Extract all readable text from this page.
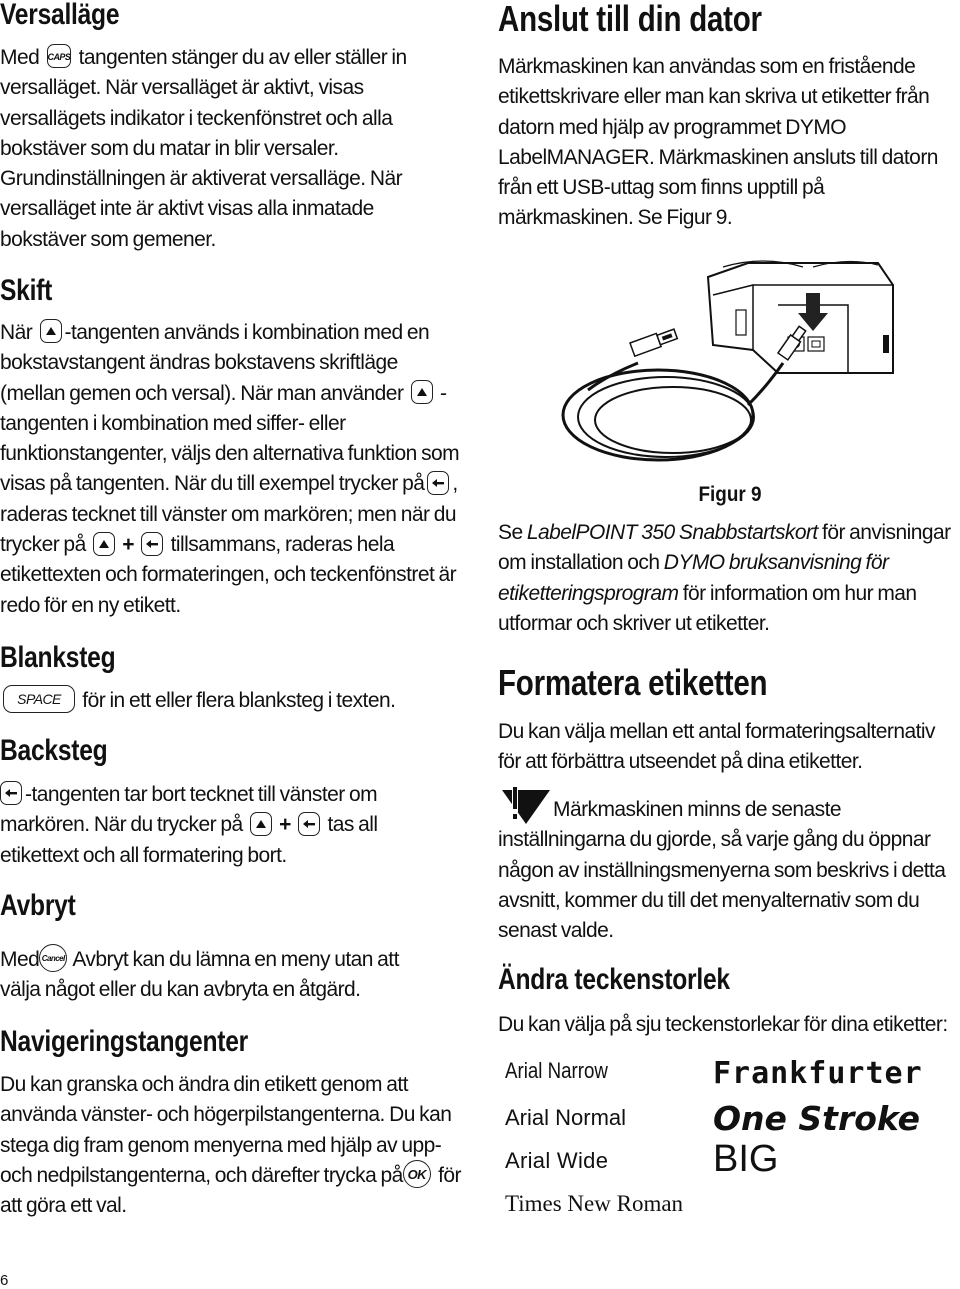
Versalläge

Med CAPS tangenten stänger du av eller ställer in versalläget. När versalläget är aktivt, visas versallägets indikator i teckenfönstret och alla bokstäver som du matar in blir versaler. Grundinställningen är aktiverat versalläge. När versalläget inte är aktivt visas alla inmatade bokstäver som gemener.

Skift

När -tangenten används i kombination med en bokstavstangent ändras bokstavens skriftläge (mellan gemen och versal). När man använder -tangenten i kombination med siffer- eller funktionstangenter, väljs den alternativa funktion som visas på tangenten. När du till exempel trycker på , raderas tecknet till vänster om markören; men när du trycker på + tillsammans, raderas hela etikettexten och formateringen, och teckenfönstret är redo för en ny etikett.

Blanksteg

SPACE för in ett eller flera blanksteg i texten.

Backsteg

-tangenten tar bort tecknet till vänster om markören. När du trycker på + tas all etikettext och all formatering bort.

Avbryt

Med Cancel Avbryt kan du lämna en meny utan att välja något eller du kan avbryta en åtgärd.

Navigeringstangenter

Du kan granska och ändra din etikett genom att använda vänster- och högerpilstangenterna. Du kan stega dig fram genom menyerna med hjälp av upp- och nedpilstangenterna, och därefter trycka på OK för att göra ett val.

6
Anslut till din dator

Märkmaskinen kan användas som en fristående etikettskrivare eller man kan skriva ut etiketter från datorn med hjälp av programmet DYMO LabelMANAGER. Märkmaskinen ansluts till datorn från ett USB-uttag som finns upptill på märkmaskinen. Se Figur 9.

Figur 9

Se LabelPOINT 350 Snabbstartskort för anvisningar om installation och DYMO bruksanvisning för etiketteringsprogram för information om hur man utformar och skriver ut etiketter.

Formatera etiketten

Du kan välja mellan ett antal formateringsalternativ för att förbättra utseendet på dina etiketter.

Märkmaskinen minns de senaste inställningarna du gjorde, så varje gång du öppnar någon av inställningsmenyerna som beskrivs i detta avsnitt, kommer du till det menyalternativ som du senast valde.

Ändra teckenstorlek

Du kan välja på sju teckenstorlekar för dina etiketter:

Arial Narrow	Frankfurter
Arial Normal	One Stroke
Arial Wide	BIG
Times New Roman
